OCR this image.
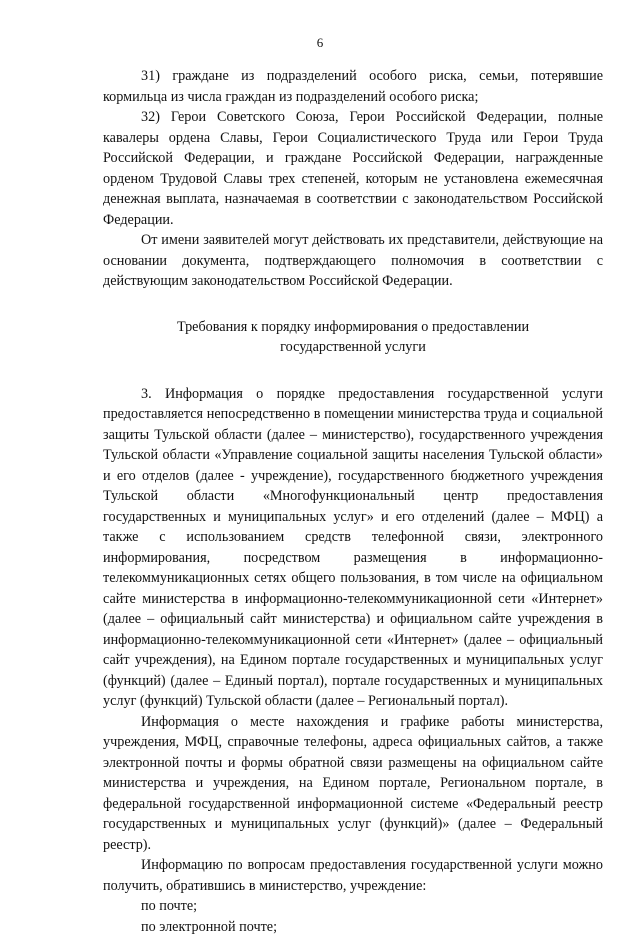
6

31) граждане из подразделений особого риска, семьи, потерявшие кормильца из числа граждан из подразделений особого риска;

32) Герои Советского Союза, Герои Российской Федерации, полные кавалеры ордена Славы, Герои Социалистического Труда или Герои Труда Российской Федерации, и граждане Российской Федерации, награжденные орденом Трудовой Славы трех степеней, которым не установлена ежемесячная денежная выплата, назначаемая в соответствии с законодательством Российской Федерации.

От имени заявителей могут действовать их представители, действующие на основании документа, подтверждающего полномочия в соответствии с действующим законодательством Российской Федерации.

Требования к порядку информирования о предоставлении государственной услуги

3. Информация о порядке предоставления государственной услуги предоставляется непосредственно в помещении министерства труда и социальной защиты Тульской области (далее – министерство), государственного учреждения Тульской области «Управление социальной защиты населения Тульской области» и его отделов (далее - учреждение), государственного бюджетного учреждения Тульской области «Многофункциональный центр предоставления государственных и муниципальных услуг» и его отделений (далее – МФЦ) а также с использованием средств телефонной связи, электронного информирования, посредством размещения в информационно-телекоммуникационных сетях общего пользования, в том числе на официальном сайте министерства в информационно-телекоммуникационной сети «Интернет» (далее – официальный сайт министерства) и официальном сайте учреждения в информационно-телекоммуникационной сети «Интернет» (далее – официальный сайт учреждения), на Едином портале государственных и муниципальных услуг (функций) (далее – Единый портал), портале государственных и муниципальных услуг (функций) Тульской области (далее – Региональный портал).

Информация о месте нахождения и графике работы министерства, учреждения, МФЦ, справочные телефоны, адреса официальных сайтов, а также электронной почты и формы обратной связи размещены на официальном сайте министерства и учреждения, на Едином портале, Региональном портале, в федеральной государственной информационной системе «Федеральный реестр государственных и муниципальных услуг (функций)» (далее – Федеральный реестр).

Информацию по вопросам предоставления государственной услуги можно получить, обратившись в министерство, учреждение:

по почте;

по электронной почте;
